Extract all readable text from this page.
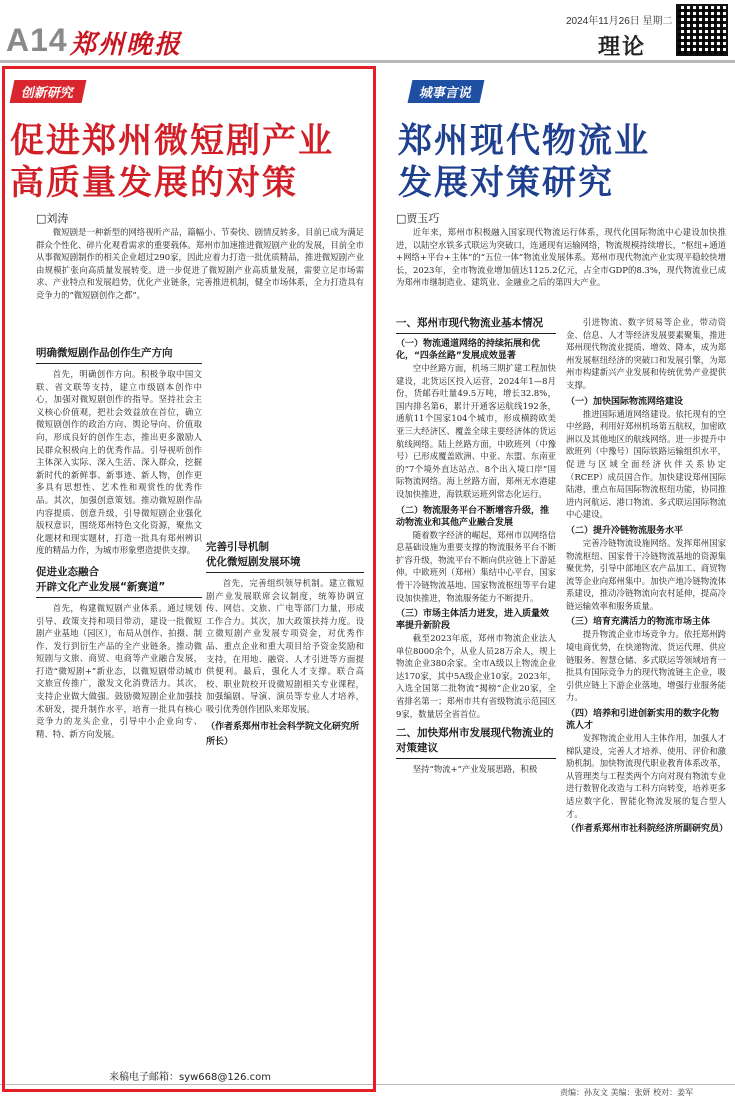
A14 郑州晚报
2024年11月26日 星期二
理论
创新研究
促进郑州微短剧产业
高质量发展的对策
□刘涛
微短剧是一种新型的网络视听产品，篇幅小、节奏快、剧情反转多，目前已成为满足群众个性化、碎片化观看需求的重要载体。郑州市加速推进微短剧产业的发展，目前全市从事微短剧制作的相关企业超过290家，因此应着力打造一批优质精品，推进微短剧产业由规模扩张向高质量发展转变。进一步促进了微短剧产业高质量发展，需要立足市场需求、产业特点和发展趋势，优化产业链条，完善推进机制，健全市场体系，全力打造具有竞争力的“微短剧创作之都”。
明确微短剧作品创作生产方向
首先，明确创作方向。积极争取中国文联、省文联等支持，建立市级剧本创作中心，加强对微短剧创作的指导。坚持社会主义核心价值观，把社会效益放在首位，确立微短剧创作的政治方向、舆论导向、价值取向，形成良好的创作生态，推出更多激励人民群众积极向上的优秀作品。引导视听创作主体深入实际、深入生活、深入群众，挖掘新时代的新鲜事、新事迹、新人物，创作更多具有思想性、艺术性和观赏性的优秀作品。其次，加强创意策划。推动微短剧作品内容提质、创意升级，引导微短剧企业强化版权意识，围绕郑州特色文化资源，聚焦文化题材和现实题材，打造一批具有郑州辨识度的精品力作，为城市形象塑造提供支撑。
促进业态融合
开辟文化产业发展“新赛道”
首先，构建微短剧产业体系。通过规划引导、政策支持和项目带动，建设一批微短剧产业基地（园区），布局从创作、拍摄、制作、发行到衍生产品的全产业链条。推动微短剧与文旅、商贸、电商等产业融合发展，打造“微短剧+”新业态，以微短剧带动城市文旅宣传推广，激发文化消费活力。其次，支持企业做大做强。鼓励微短剧企业加强技术研发，提升制作水平，培育一批具有核心竞争力的龙头企业，引导中小企业向专、精、特、新方向发展。
完善引导机制
优化微短剧发展环境
首先，完善组织领导机制。建立微短剧产业发展联席会议制度，统筹协调宣传、网信、文旅、广电等部门力量，形成工作合力。其次，加大政策扶持力度。设立微短剧产业发展专项资金，对优秀作品、重点企业和重大项目给予资金奖励和支持，在用地、融资、人才引进等方面提供便利。最后，强化人才支撑。联合高校、职业院校开设微短剧相关专业课程，加强编剧、导演、演员等专业人才培养，吸引优秀创作团队来郑发展。
（作者系郑州市社会科学院文化研究所所长）
来稿电子邮箱：syw668@126.com
城事言说
郑州现代物流业
发展对策研究
□贾玉巧
近年来，郑州市积极融入国家现代物流运行体系，现代化国际物流中心建设加快推进，以陆空水铁多式联运为突破口，连通现有运输网络，物流规模持续增长，“枢纽+通道+网络+平台+主体”的“五位一体”物流业发展体系。郑州市现代物流产业实现平稳较快增长，2023年，全市物流业增加值达1125.2亿元，占全市GDP的8.3%，现代物流业已成为郑州市继制造业、建筑业、金融业之后的第四大产业。
一、郑州市现代物流业基本情况
（一）物流通道网络的持续拓展和优化，“四条丝路”发展成效显著
空中丝路方面，机场三期扩建工程加快建设，北货运区投入运营，2024年1—8月份，货邮吞吐量49.5万吨，增长32.8%，国内排名第6，累计开通客运航线192条，通航11个国家104个城市，形成横跨欧美亚三大经济区、覆盖全球主要经济体的货运航线网络。陆上丝路方面，中欧班列（中豫号）已形成覆盖欧洲、中亚、东盟、东南亚的“7个境外直达站点、8个出入境口岸”国际物流网络。海上丝路方面，郑州无水港建设加快推进，海铁联运班列常态化运行。
（二）物流服务平台不断增容升级，推动物流业和其他产业融合发展
随着数字经济的崛起，郑州市以网络信息基础设施为重要支撑的物流服务平台不断扩容升级，物流平台不断向供应链上下游延伸。中欧班列（郑州）集结中心平台，国家骨干冷链物流基地、国家物流枢纽等平台建设加快推进，物流服务能力不断提升。
（三）市场主体活力迸发，进入质量效率提升新阶段
截至2023年底，郑州市物流企业法人单位8000余个，从业人员28万余人，规上物流企业380余家。全市A级以上物流企业达170家，其中5A级企业10家。2023年，入选全国第二批物流“揭榜”企业20家，全省排名第一；郑州市共有省级物流示范园区9家，数量居全省首位。
二、加快郑州市发展现代物流业的对策建议
坚持“物流+”产业发展思路，积极
引进物流、数字贸易等企业，带动资金、信息、人才等经济发展要素聚集，推进郑州现代物流业提质、增效、降本，成为郑州发展枢纽经济的突破口和发展引擎，为郑州市构建新兴产业发展和传统优势产业提供支撑。
（一）加快国际物流网络建设
推进国际通道网络建设。依托现有的空中丝路，利用好郑州机场第五航权，加密欧洲以及其他地区的航线网络。进一步提升中欧班列（中豫号）国际铁路运输组织水平，促进与区域全面经济伙伴关系协定（RCEP）成员国合作。加快建设郑州国际陆港，重点布局国际物流枢纽功能，协同推进内河航运、港口物流、多式联运国际物流中心建设。
（二）提升冷链物流服务水平
完善冷链物流设施网络。发挥郑州国家物流枢纽、国家骨干冷链物流基地的资源集聚优势，引导中部地区农产品加工、商贸物流等企业向郑州集中。加快产地冷链物流体系建设，推动冷链物流向农村延伸，提高冷链运输效率和服务质量。
（三）培育充满活力的物流市场主体
提升物流企业市场竞争力。依托郑州跨境电商优势，在快递物流、货运代理、供应链服务、智慧仓储、多式联运等领域培育一批具有国际竞争力的现代物流链主企业，吸引供应链上下游企业落地，增强行业服务能力。
（四）培养和引进创新实用的数字化物流人才
发挥物流企业用人主体作用，加强人才梯队建设，完善人才培养、使用、评价和激励机制。加快物流现代职业教育体系改革，从管理类与工程类两个方向对现有物流专业进行数智化改造与工科方向转变，培养更多适应数字化、智能化物流发展的复合型人才。
（作者系郑州市社科院经济所副研究员）
责编：孙友文 美编：张妍 校对：姜军
